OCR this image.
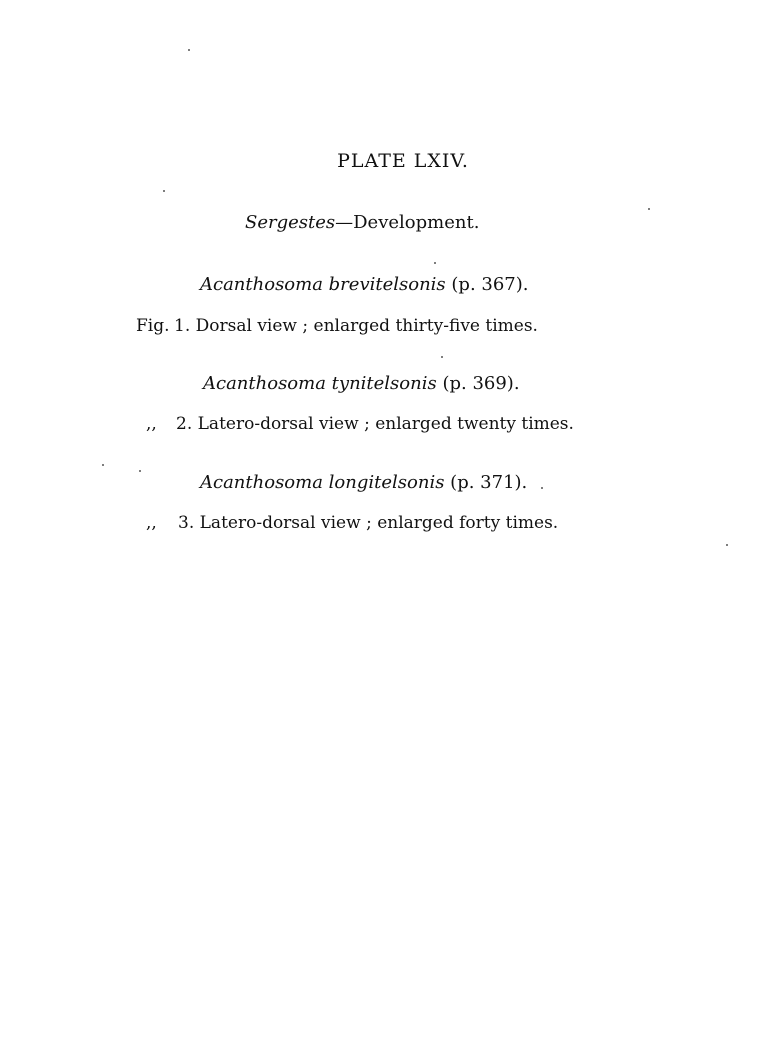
PLATE LXIV.
Sergestes—Development.
Acanthosoma brevitelsonis (p. 367).
Fig. 1. Dorsal view ; enlarged thirty-five times.
Acanthosoma tynitelsonis (p. 369).
,, 2. Latero-dorsal view ; enlarged twenty times.
Acanthosoma longitelsonis (p. 371).
,, 3. Latero-dorsal view ; enlarged forty times.
